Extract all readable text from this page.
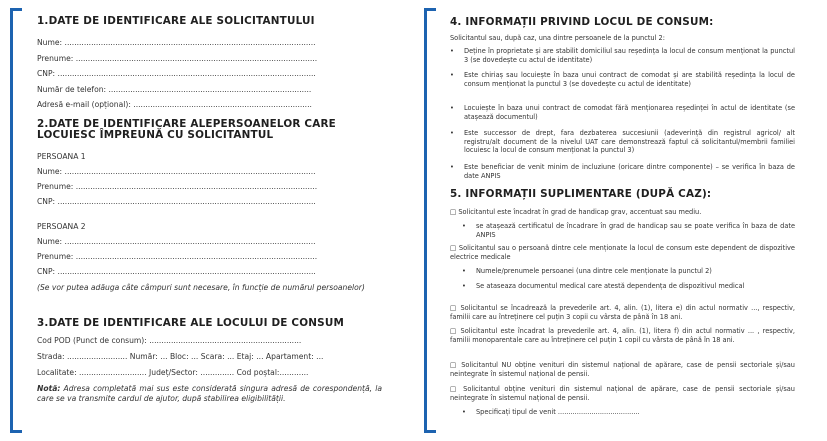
1.DATE DE IDENTIFICARE ALE SOLICITANTULUI
Nume: ........................................................................................................
Prenume: ....................................................................................................
CNP: ...........................................................................................................
Număr de telefon: ....................................................................................
Adresă e-mail (opțional): ..........................................................................
2.DATE DE IDENTIFICARE ALEPERSOANELOR CARE LOCUIESC ÎMPREUNĂ CU SOLICITANTUL
PERSOANA 1
Nume: ........................................................................................................
Prenume: ....................................................................................................
CNP: ...........................................................................................................
PERSOANA 2
Nume: ........................................................................................................
Prenume: ....................................................................................................
CNP: ...........................................................................................................
(Se vor putea adăuga câte câmpuri sunt necesare, în funcție de numărul persoanelor)
3.DATE DE IDENTIFICARE ALE LOCULUI DE CONSUM
Cod POD (Punct de consum): ...............................................................
Strada: ......................... Număr: ... Bloc: ... Scara: ... Etaj: ... Apartament: ...
Localitate: ............................ Județ/Sector: .............. Cod poștal:............
Notă: Adresa completată mai sus este considerată singura adresă de corespondență, la care se va transmite cardul de ajutor, după stabilirea eligibilității.
4. INFORMAȚII PRIVIND LOCUL DE CONSUM:
Solicitantul sau, după caz, una dintre persoanele de la punctul 2:
•	Deține în proprietate și are stabilit domiciliul sau reședința la locul de consum menționat la punctul 3 (se dovedește cu actul de identitate)
•	Este chiriaș sau locuiește în baza unui contract de comodat și are stabilită reședința la locul de consum menționat la punctul 3 (se dovedește cu actul de identitate)
•	Locuiește în baza unui contract de comodat fără menționarea reședinței în actul de identitate (se atașează documentul)
•	Este successor de drept, fara dezbaterea succesiunii (adeverință din registrul agricol/ alt registru/alt document de la nivelul UAT care demonstrează faptul că solicitantul/membrii familiei locuiesc la locul de consum menționat la punctul 3)
•	Este beneficiar de venit minim de incluziune (oricare dintre componente) – se verifica în baza de date ANPIS
5. INFORMAȚII SUPLIMENTARE (DUPĂ CAZ):
□ Solicitantul este încadrat în grad de handicap grav, accentuat sau mediu.
•	se atașează certificatul de încadrare în grad de handicap sau se poate verifica în baza de date ANPIS
□ Solicitantul sau o persoană dintre cele menționate la locul de consum este dependent de dispozitive electrice medicale
•	Numele/prenumele persoanei (una dintre cele menționate la punctul 2)
•	Se ataseaza documentul medical care atestă dependența de dispozitivul medical
□ Solicitantul se încadrează la prevederile art. 4, alin. (1), litera e) din actul normativ ..., respectiv, familii care au întreținere cel puțin 3 copii cu vârsta de până în 18 ani.
□ Solicitantul este încadrat la prevederile art. 4, alin. (1), litera f) din actul normativ ... , respectiv, familii monoparentale care au întreținere cel puțin 1 copil cu vârsta de până în 18 ani.
□ Solicitantul NU obține venituri din sistemul național de apărare, case de pensii sectoriale și/sau neintegrate în sistemul național de pensii.
□ Solicitantul obține venituri din sistemul național de apărare, case de pensii sectoriale și/sau neintegrate în sistemul național de pensii.
•	Specificați tipul de venit .......................................
